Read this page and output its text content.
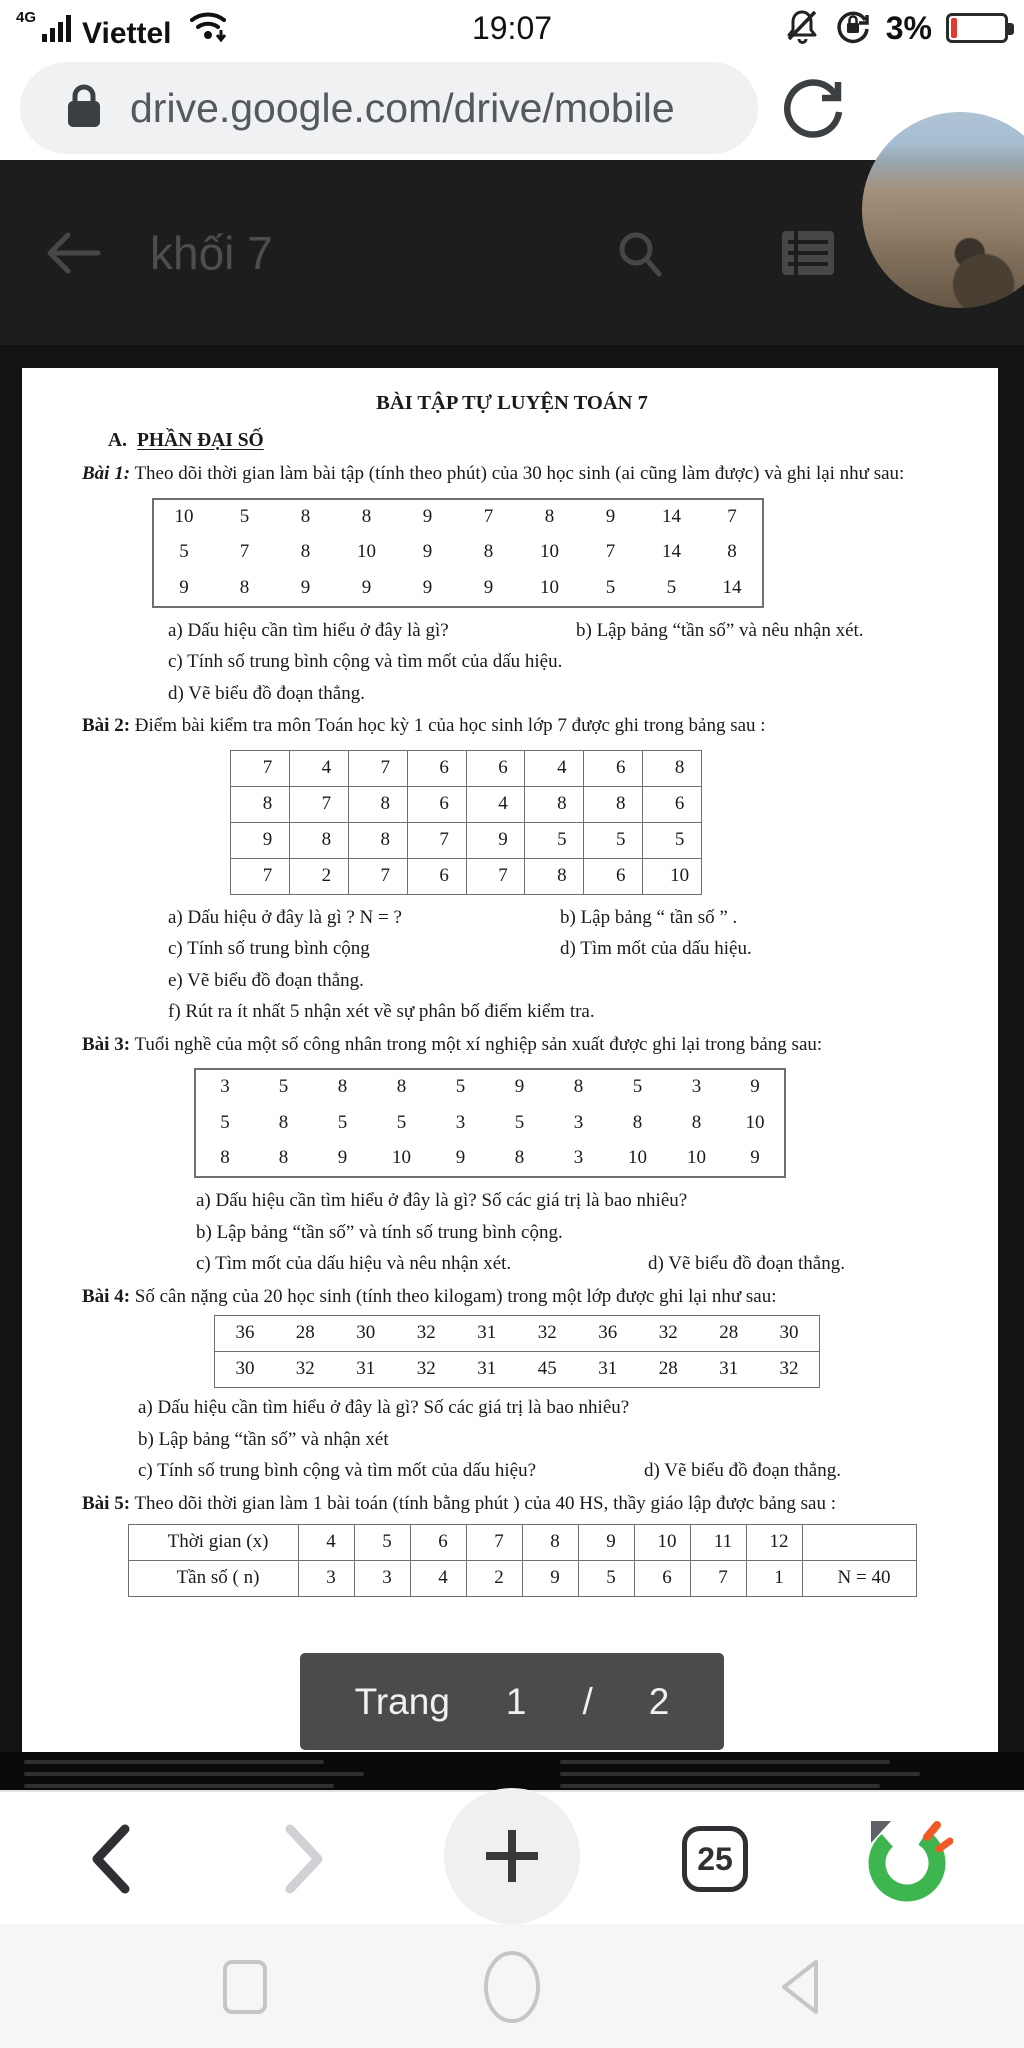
4G Viettel	19:07	3%
drive.google.com/drive/mobile
khối 7
BÀI TẬP TỰ LUYỆN TOÁN 7
A. PHẦN ĐẠI SỐ

Bài 1: Theo dõi thời gian làm bài tập (tính theo phút) của 30 học sinh (ai cũng làm được) và ghi lại như sau:

10	5	8	8	9	7	8	9	14	7
5	7	8	10	9	8	10	7	14	8
9	8	9	9	9	9	10	5	5	14
a) Dấu hiệu cần tìm hiểu ở đây là gì?	b) Lập bảng “tần số” và nêu nhận xét.
c) Tính số trung bình cộng và tìm mốt của dấu hiệu.
d) Vẽ biểu đồ đoạn thẳng.

Bài 2: Điểm bài kiểm tra môn Toán học kỳ 1 của học sinh lớp 7 được ghi trong bảng sau :

7	4	7	6	6	4	6	8
8	7	8	6	4	8	8	6
9	8	8	7	9	5	5	5
7	2	7	6	7	8	6	10
a) Dấu hiệu ở đây là gì ? N = ?	b) Lập bảng “ tần số ” .
c) Tính số trung bình cộng	d) Tìm mốt của dấu hiệu.
e) Vẽ biểu đồ đoạn thẳng.
f) Rút ra ít nhất 5 nhận xét về sự phân bố điểm kiểm tra.

Bài 3: Tuổi nghề của một số công nhân trong một xí nghiệp sản xuất được ghi lại trong bảng sau:

3	5	8	8	5	9	8	5	3	9
5	8	5	5	3	5	3	8	8	10
8	8	9	10	9	8	3	10	10	9
a) Dấu hiệu cần tìm hiểu ở đây là gì? Số các giá trị là bao nhiêu?
b) Lập bảng “tần số” và tính số trung bình cộng.
c) Tìm mốt của dấu hiệu và nêu nhận xét.	d) Vẽ biểu đồ đoạn thẳng.

Bài 4: Số cân nặng của 20 học sinh (tính theo kilogam) trong một lớp được ghi lại như sau:

36	28	30	32	31	32	36	32	28	30
30	32	31	32	31	45	31	28	31	32
a) Dấu hiệu cần tìm hiểu ở đây là gì? Số các giá trị là bao nhiêu?
b) Lập bảng “tần số” và nhận xét
c) Tính số trung bình cộng và tìm mốt của dấu hiệu?	d) Vẽ biểu đồ đoạn thẳng.

Bài 5: Theo dõi thời gian làm 1 bài toán (tính bằng phút ) của 40 HS, thầy giáo lập được bảng sau :

Thời gian (x)	4	5	6	7	8	9	10	11	12	
Tần số ( n)	3	3	4	2	9	5	6	7	1	N = 40
Trang 1 / 2
25
